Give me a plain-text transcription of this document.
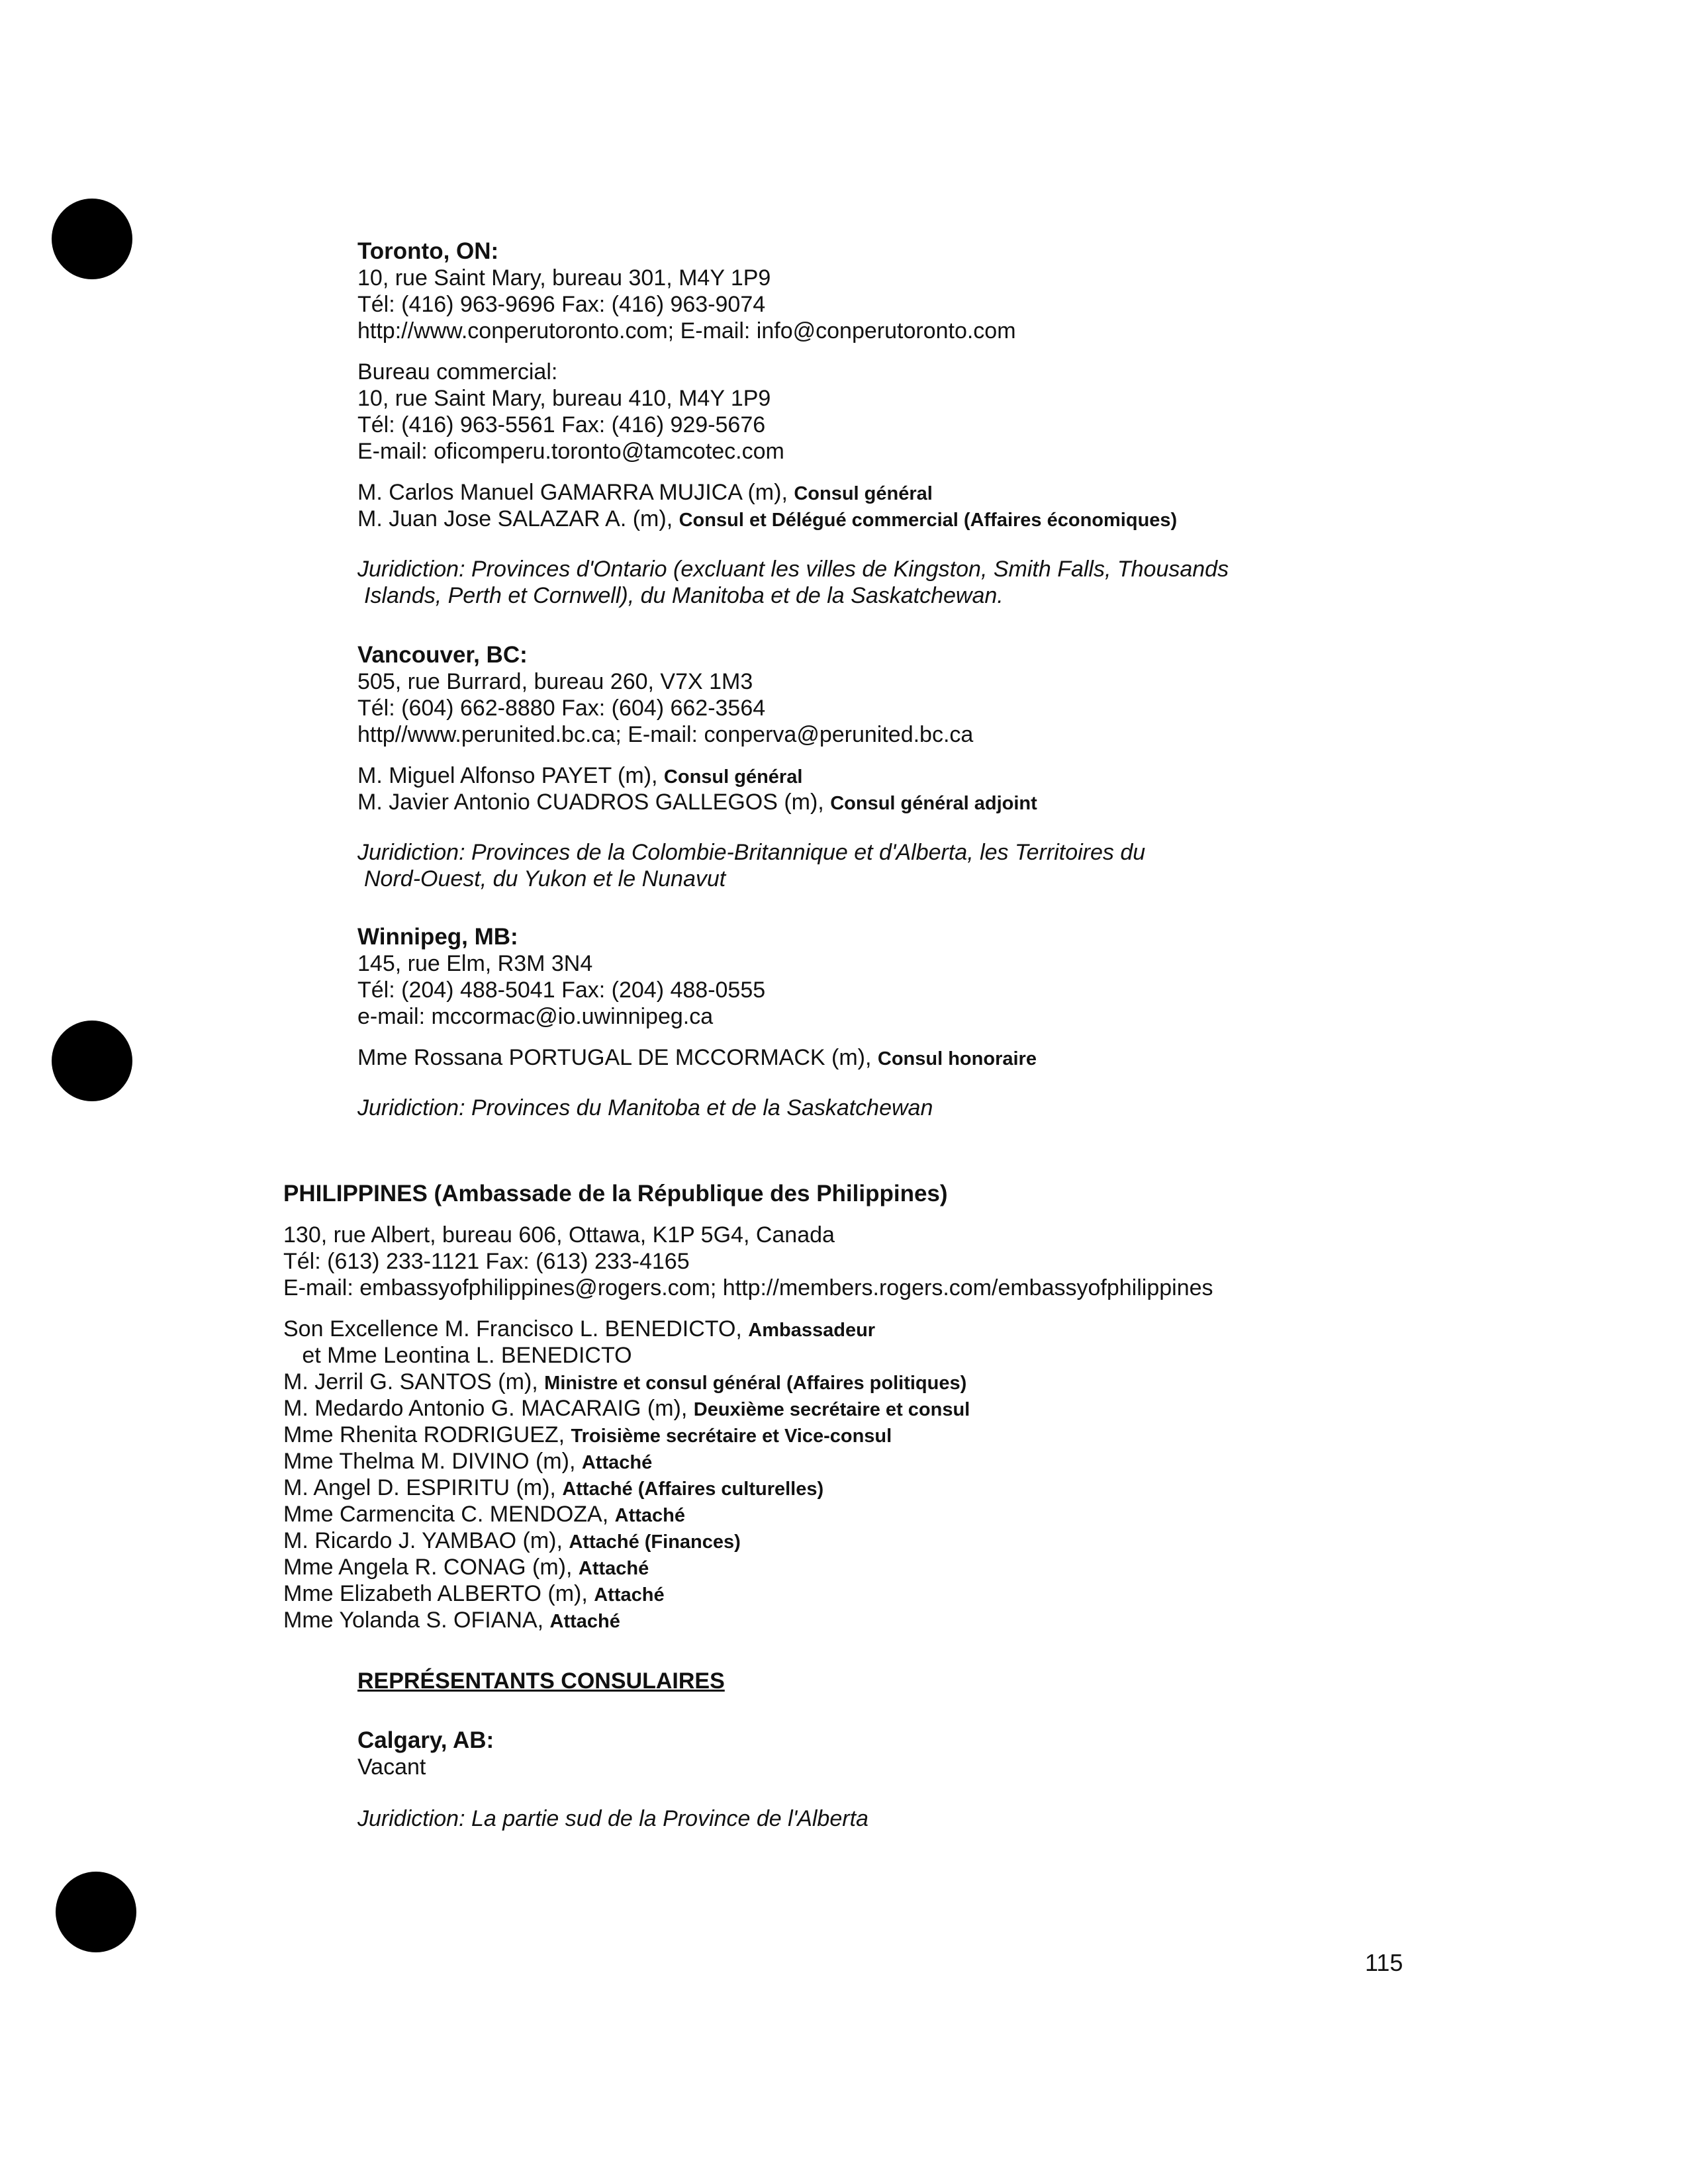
Toronto, ON:
10, rue Saint Mary, bureau 301, M4Y 1P9
Tél: (416) 963-9696 Fax: (416) 963-9074
http://www.conperutoronto.com; E-mail: info@conperutoronto.com
Bureau commercial:
10, rue Saint Mary, bureau 410, M4Y 1P9
Tél: (416) 963-5561 Fax: (416) 929-5676
E-mail: oficomperu.toronto@tamcotec.com
M. Carlos Manuel GAMARRA MUJICA (m), Consul général
M. Juan Jose SALAZAR A. (m), Consul et Délégué commercial (Affaires économiques)
Juridiction: Provinces d'Ontario (excluant les villes de Kingston, Smith Falls, Thousands
Islands, Perth et Cornwell), du Manitoba et de la Saskatchewan.
Vancouver, BC:
505, rue Burrard, bureau 260, V7X 1M3
Tél: (604) 662-8880 Fax: (604) 662-3564
http//www.perunited.bc.ca; E-mail: conperva@perunited.bc.ca
M. Miguel Alfonso PAYET (m), Consul général
M. Javier Antonio CUADROS GALLEGOS (m), Consul général adjoint
Juridiction: Provinces de la Colombie-Britannique et d'Alberta, les Territoires du
Nord-Ouest, du Yukon et le Nunavut
Winnipeg, MB:
145, rue Elm, R3M 3N4
Tél: (204) 488-5041 Fax: (204) 488-0555
e-mail: mccormac@io.uwinnipeg.ca
Mme Rossana PORTUGAL DE MCCORMACK (m), Consul honoraire
Juridiction: Provinces du Manitoba et de la Saskatchewan
PHILIPPINES (Ambassade de la République des Philippines)
130, rue Albert, bureau 606, Ottawa, K1P 5G4, Canada
Tél: (613) 233-1121 Fax: (613) 233-4165
E-mail: embassyofphilippines@rogers.com; http://members.rogers.com/embassyofphilippines
Son Excellence M. Francisco L. BENEDICTO, Ambassadeur
et Mme Leontina L. BENEDICTO
M. Jerril G. SANTOS (m), Ministre et consul général (Affaires politiques)
M. Medardo Antonio G. MACARAIG (m), Deuxième secrétaire et consul
Mme Rhenita RODRIGUEZ, Troisième secrétaire et Vice-consul
Mme Thelma M. DIVINO (m), Attaché
M. Angel D. ESPIRITU (m), Attaché (Affaires culturelles)
Mme Carmencita C. MENDOZA, Attaché
M. Ricardo J. YAMBAO (m), Attaché (Finances)
Mme Angela R. CONAG (m), Attaché
Mme Elizabeth ALBERTO (m), Attaché
Mme Yolanda S. OFIANA, Attaché
REPRÉSENTANTS CONSULAIRES
Calgary, AB:
Vacant
Juridiction: La partie sud de la Province de l'Alberta
115
